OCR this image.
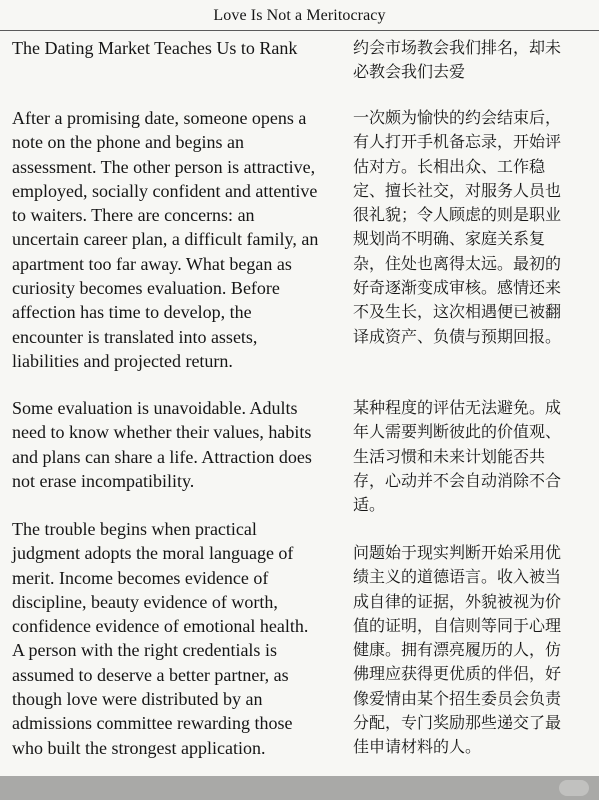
Love Is Not a Meritocracy

The Dating Market Teaches Us to Rank

After a promising date, someone opens a
note on the phone and begins an
assessment. The other person is attractive,
employed, socially confident and attentive
to waiters. There are concerns: an
uncertain career plan, a difficult family, an
apartment too far away. What began as
curiosity becomes evaluation. Before
affection has time to develop, the
encounter is translated into assets,
liabilities and projected return.

Some evaluation is unavoidable. Adults
need to know whether their values, habits
and plans can share a life. Attraction does
not erase incompatibility.

The trouble begins when practical
judgment adopts the moral language of
merit. Income becomes evidence of
discipline, beauty evidence of worth,
confidence evidence of emotional health.
A person with the right credentials is
assumed to deserve a better partner, as
though love were distributed by an
admissions committee rewarding those
who built the strongest application.

约会市场教会我们排名，却未
必教会我们去爱

一次颇为愉快的约会结束后，
有人打开手机备忘录，开始评
估对方。长相出众、工作稳
定、擅长社交，对服务人员也
很礼貌；令人顾虑的则是职业
规划尚不明确、家庭关系复
杂，住处也离得太远。最初的
好奇逐渐变成审核。感情还来
不及生长，这次相遇便已被翻
译成资产、负债与预期回报。

某种程度的评估无法避免。成
年人需要判断彼此的价值观、
生活习惯和未来计划能否共
存，心动并不会自动消除不合
适。

问题始于现实判断开始采用优
绩主义的道德语言。收入被当
成自律的证据，外貌被视为价
值的证明，自信则等同于心理
健康。拥有漂亮履历的人，仿
佛理应获得更优质的伴侣，好
像爱情由某个招生委员会负责
分配，专门奖励那些递交了最
佳申请材料的人。
